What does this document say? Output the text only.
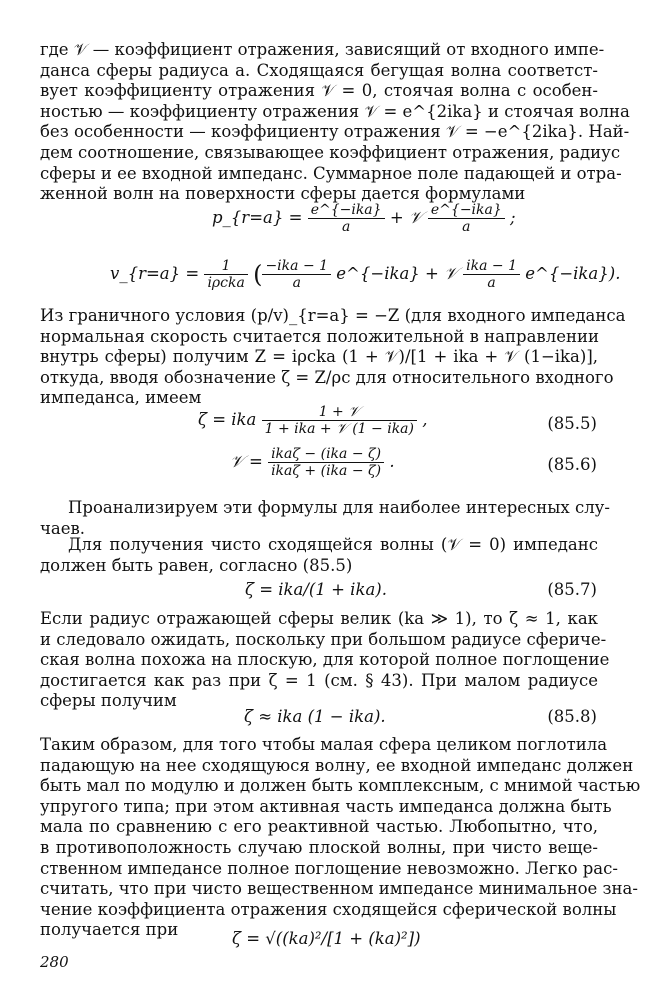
где 𝒱 — коэффициент отражения, зависящий от входного импе-
данса сферы радиуса a. Сходящаяся бегущая волна соответст-
вует коэффициенту отражения 𝒱 = 0, стоячая волна с особен-
ностью — коэффициенту отражения 𝒱 = e^{2ika} и стоячая волна
без особенности — коэффициенту отражения 𝒱 = −e^{2ika}. Най-
дем соотношение, связывающее коэффициент отражения, радиус
сферы и ее входной импеданс. Суммарное поле падающей и отра-
женной волн на поверхности сферы дается формулами
p_{r=a} = $\frac{\text{e\textasciicircum{}\{−ika\}}}{a}$ + 𝒱 $\frac{\text{e\textasciicircum{}\{−ika\}}}{a}$ ;
v_{r=a} = $\frac{1}{\text{iρcka}}$ ( $\frac{\text{−ika − 1}}{a}$ e^{−ika} + 𝒱 $\frac{\text{ika − 1}}{a}$ e^{−ika}).
Из граничного условия (p/v)_{r=a} = −Z (для входного импеданса
нормальная скорость считается положительной в направлении
внутрь сферы) получим Z = iρcka (1 + 𝒱)/[1 + ika + 𝒱 (1−ika)],
откуда, вводя обозначение ζ = Z/ρc для относительного входного
импеданса, имеем
ζ = ika $\frac{\text{1 + 𝒱}}{\text{1 + ika + 𝒱 (1 − ika)}}$ ,	(85.5)
𝒱 = $\frac{\text{ikaζ − (ika − ζ)}}{\text{ikaζ + (ika − ζ)}}$ .	(85.6)
Проанализируем эти формулы для наиболее интересных слу-
чаев.
Для получения чисто сходящейся волны (𝒱 = 0) импеданс
должен быть равен, согласно (85.5)
ζ = ika/(1 + ika).	(85.7)
Если радиус отражающей сферы велик (ka ≫ 1), то ζ ≈ 1, как
и следовало ожидать, поскольку при большом радиусе сфериче-
ская волна похожа на плоскую, для которой полное поглощение
достигается как раз при ζ = 1 (см. § 43). При малом радиусе
сферы получим
ζ ≈ ika (1 − ika).	(85.8)
Таким образом, для того чтобы малая сфера целиком поглотила
падающую на нее сходящуюся волну, ее входной импеданс должен
быть мал по модулю и должен быть комплексным, с мнимой частью
упругого типа; при этом активная часть импеданса должна быть
мала по сравнению с его реактивной частью. Любопытно, что,
в противоположность случаю плоской волны, при чисто веще-
ственном импедансе полное поглощение невозможно. Легко рас-
считать, что при чисто вещественном импедансе минимальное зна-
чение коэффициента отражения сходящейся сферической волны
получается при	ζ = √((ka)²/[1 + (ka)²])
280
